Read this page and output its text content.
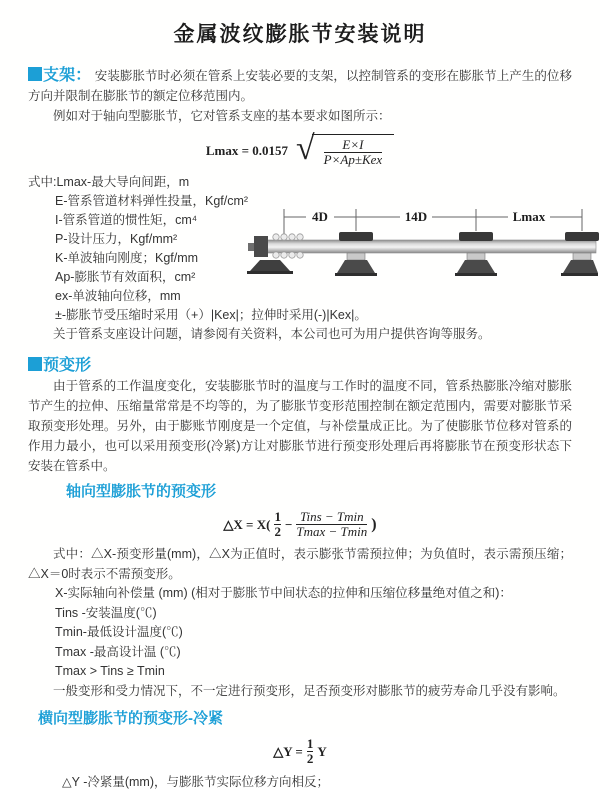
金属波纹膨胀节安装说明

支架： 安装膨胀节时必须在管系上安装必要的支架，以控制管系的变形在膨胀节上产生的位移方向并限制在膨胀节的额定位移范围内。

例如对于轴向型膨胀节，它对管系支座的基本要求如图所示：

Lmax = 0.0157 √ $\frac{E\times I}{\text{P×Ap±Kex}}$

式中:Lmax-最大导向间距，m

E-管系管道材料弹性投量，Kgf/cm²

I-管系管道的惯性矩，cm⁴

P-设计压力，Kgf/mm²

K-单波轴向刚度；Kgf/mm

Ap-膨胀节有效面积，cm²

ex-单波轴向位移，mm

±-膨胀节受压缩时采用（+）|Kex|；拉伸时采用(-)|Kex|。

关于管系支座设计问题，请参阅有关资料，本公司也可为用户提供咨询等服务。

4D	14D	Lmax

预变形

由于管系的工作温度变化，安装膨胀节时的温度与工作时的温度不同，管系热膨胀冷缩对膨胀节产生的拉伸、压缩量常常是不均等的，为了膨胀节变形范围控制在额定范围内，需要对膨胀节采取预变形处理。另外，由于膨账节刚度是一个定值，与补偿量成正比。为了使膨胀节位移对管系的作用力最小，也可以采用预变形(冷紧)方让对膨胀节进行预变形处理后再将膨胀节在预变形状态下安装在管系中。

轴向型膨胀节的预变形

△X = $X( \frac{1}{2} - \frac{\text{Tins − Tmin}}{Tmax - Tmin}$ )

式中：△X-预变形量(mm)，△X为正值时，表示膨张节需预拉伸；为负值时，表示需预压缩；△X＝0时表示不需预变形。

X-实际轴向补偿量 (mm) (相对于膨胀节中间状态的拉伸和压缩位移量绝对值之和)：

Tins -安装温度(℃)

Tmin-最低设计温度(℃)

Tmax -最高设计温 (℃)

Tmax > Tins ≥ Tmin

一般变形和受力情况下，不一定进行预变形，足否预变形对膨胀节的疲劳寿命几乎没有影响。

横向型膨胀节的预变形-冷紧

△Y = $\frac{1}{2}$ Y

△Y -冷紧量(mm)，与膨胀节实际位移方向相反；
